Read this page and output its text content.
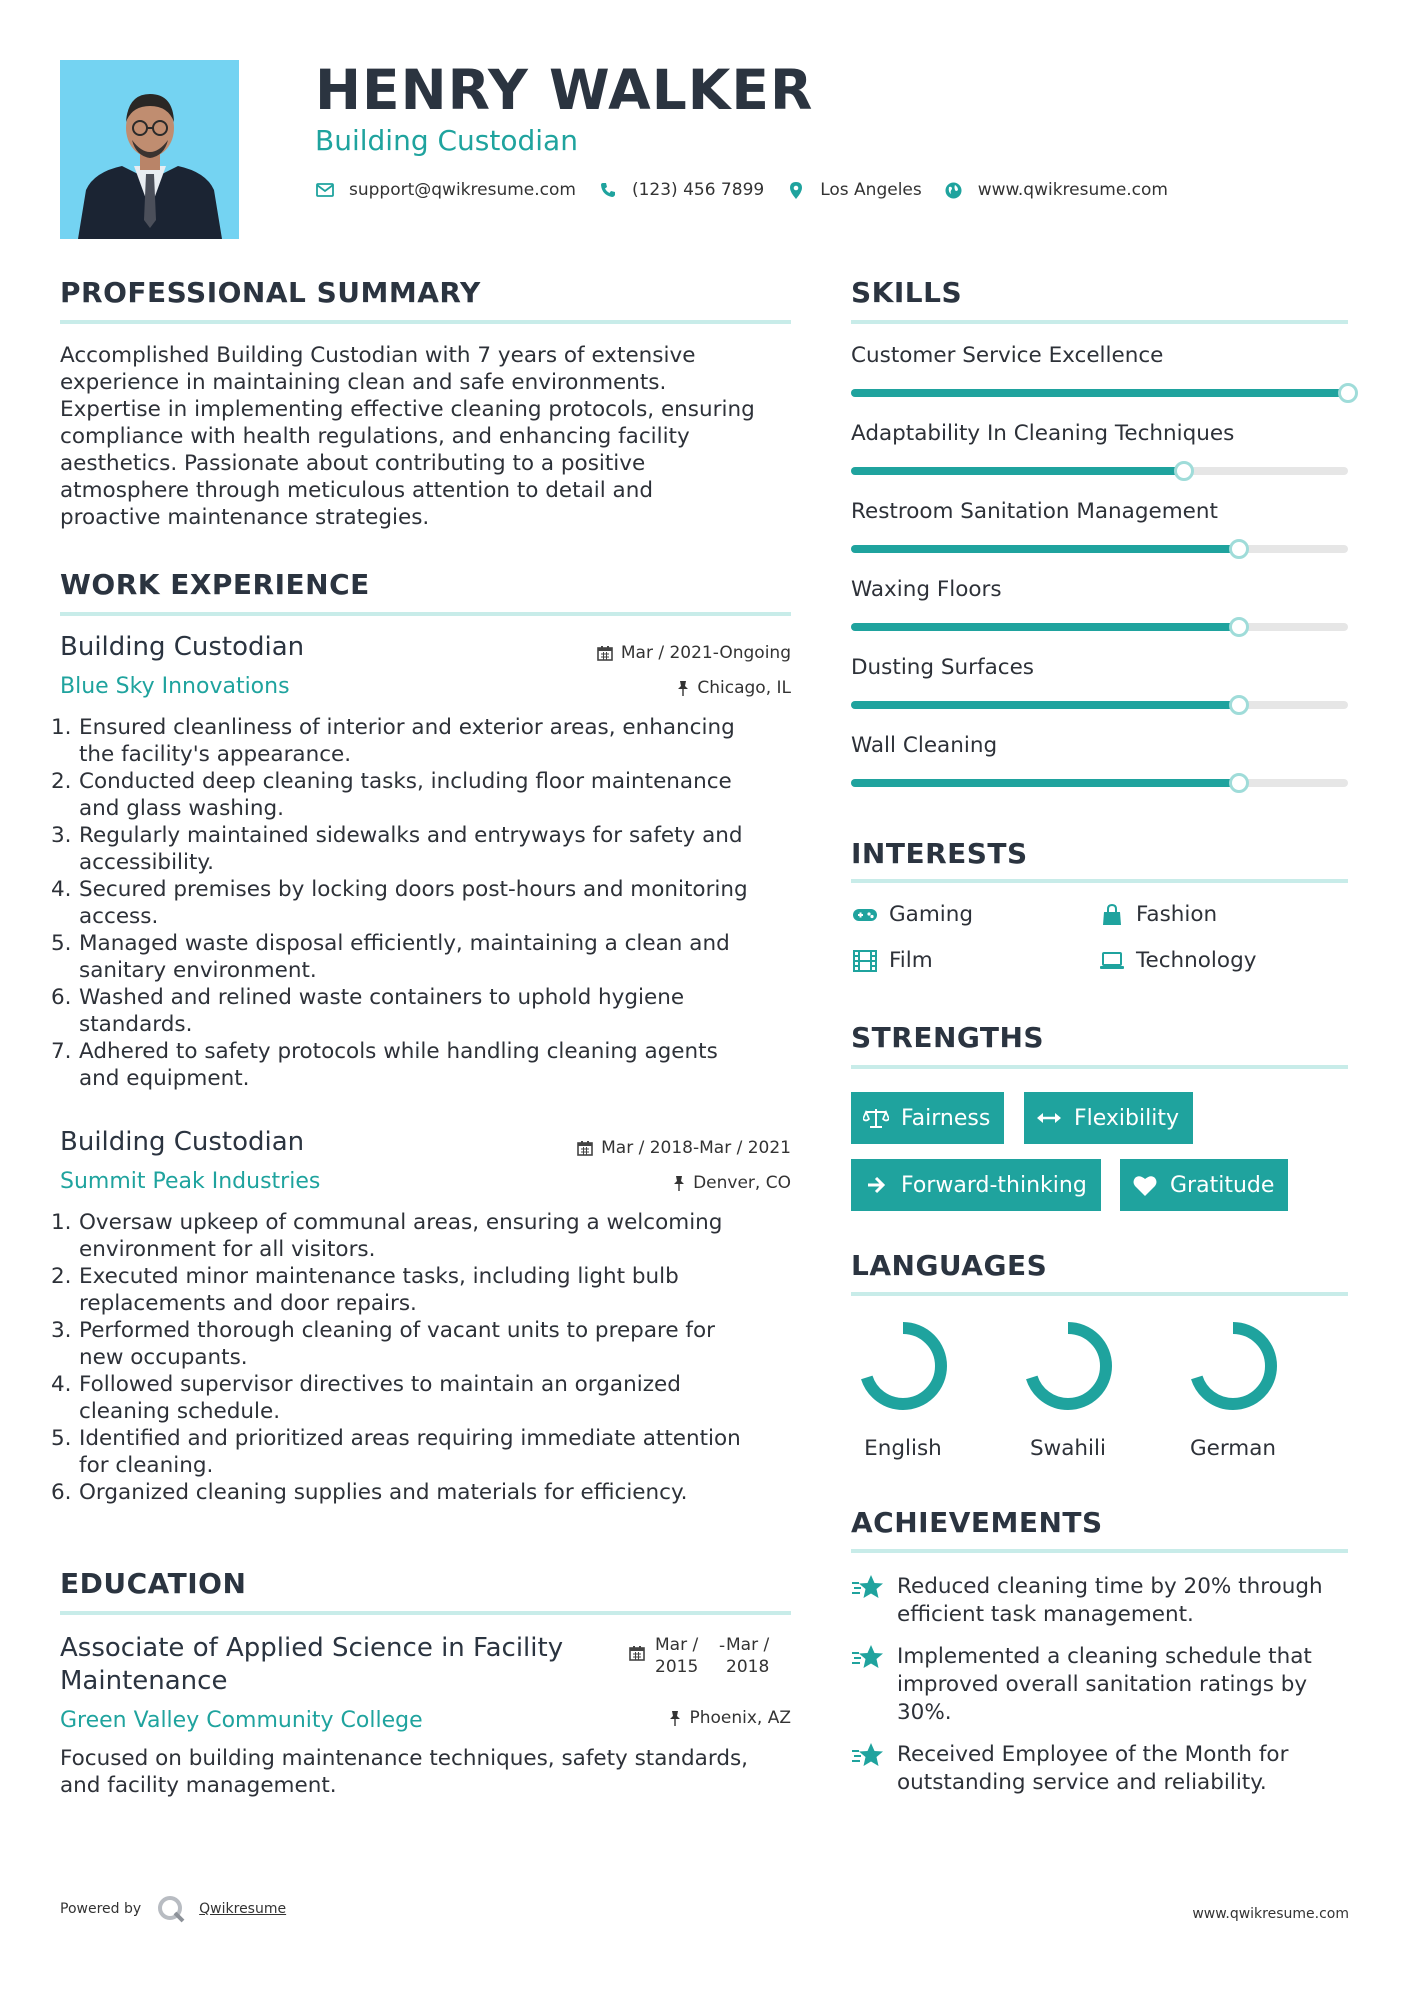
HENRY WALKER
Building Custodian
support@qwikresume.com	(123) 456 7899	Los Angeles	www.qwikresume.com
PROFESSIONAL SUMMARY
Accomplished Building Custodian with 7 years of extensive
experience in maintaining clean and safe environments.
Expertise in implementing effective cleaning protocols, ensuring
compliance with health regulations, and enhancing facility
aesthetics. Passionate about contributing to a positive
atmosphere through meticulous attention to detail and
proactive maintenance strategies.
WORK EXPERIENCE
Building Custodian
Blue Sky Innovations
Mar / 2021-Ongoing
Chicago, IL
1. Ensured cleanliness of interior and exterior areas, enhancing
the facility's appearance.
2. Conducted deep cleaning tasks, including floor maintenance
and glass washing.
3. Regularly maintained sidewalks and entryways for safety and
accessibility.
4. Secured premises by locking doors post-hours and monitoring
access.
5. Managed waste disposal efficiently, maintaining a clean and
sanitary environment.
6. Washed and relined waste containers to uphold hygiene
standards.
7. Adhered to safety protocols while handling cleaning agents
and equipment.
Building Custodian
Summit Peak Industries
Mar / 2018-Mar / 2021
Denver, CO
1. Oversaw upkeep of communal areas, ensuring a welcoming
environment for all visitors.
2. Executed minor maintenance tasks, including light bulb
replacements and door repairs.
3. Performed thorough cleaning of vacant units to prepare for
new occupants.
4. Followed supervisor directives to maintain an organized
cleaning schedule.
5. Identified and prioritized areas requiring immediate attention
for cleaning.
6. Organized cleaning supplies and materials for efficiency.
EDUCATION
Associate of Applied Science in Facility
Maintenance
Green Valley Community College
Mar /
2015
- Mar /
2018
Phoenix, AZ
Focused on building maintenance techniques, safety standards,
and facility management.
SKILLS
Customer Service Excellence
Adaptability In Cleaning Techniques
Restroom Sanitation Management
Waxing Floors
Dusting Surfaces
Wall Cleaning
INTERESTS
Gaming	Fashion
Film	Technology
STRENGTHS
Fairness	Flexibility
Forward-thinking	Gratitude
LANGUAGES
English	Swahili	German
ACHIEVEMENTS
Reduced cleaning time by 20% through
efficient task management.
Implemented a cleaning schedule that
improved overall sanitation ratings by
30%.
Received Employee of the Month for
outstanding service and reliability.
Powered by	Qwikresume	www.qwikresume.com
